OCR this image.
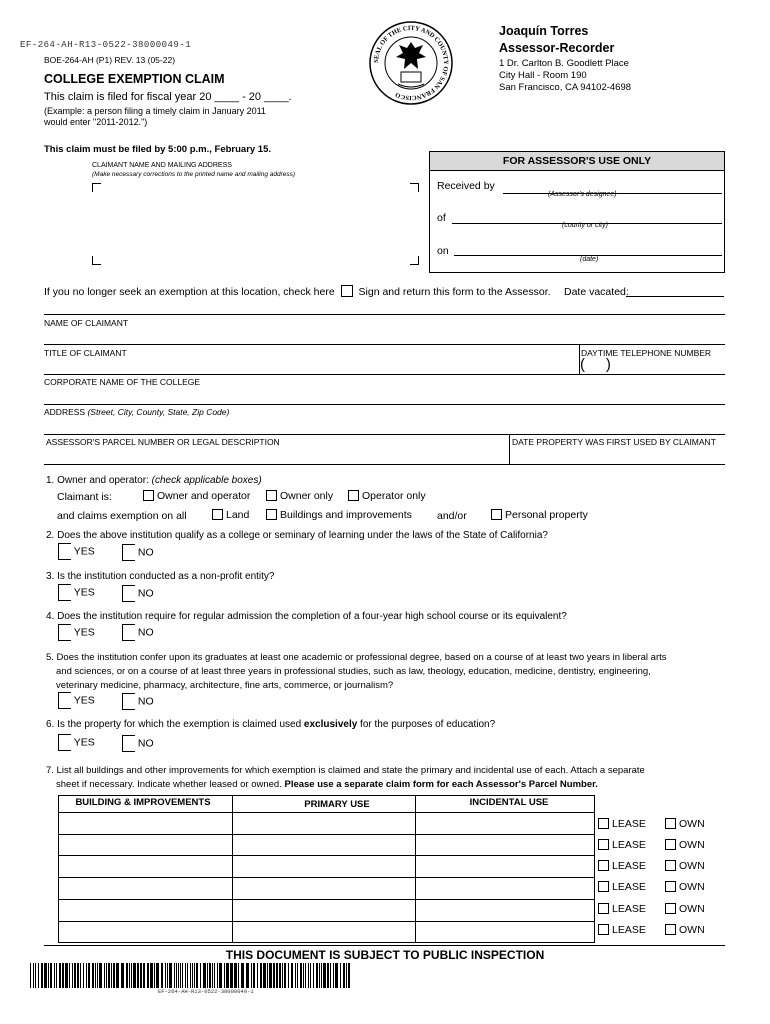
EF-264-AH-R13-0522-38000049-1
BOE-264-AH (P1) REV. 13 (05-22)
COLLEGE EXEMPTION CLAIM
This claim is filed for fiscal year 20 ____ - 20 ____.
(Example: a person filing a timely claim in January 2011
would enter "2011-2012.")
This claim must be filed by 5:00 p.m., February 15.
SEAL OF THE CITY AND COUNTY OF SAN FRANCISCO
Joaquín Torres
Assessor-Recorder
1 Dr. Carlton B. Goodlett Place
City Hall - Room 190
San Francisco, CA 94102-4698
CLAIMANT NAME AND MAILING ADDRESS
(Make necessary corrections to the printed name and mailing address)
FOR ASSESSOR'S USE ONLY
Received by
(Assessor's designee)
of
(county or city)
on
(date)
If you no longer seek an exemption at this location, check here Sign and return this form to the Assessor. Date vacated:
NAME OF CLAIMANT
TITLE OF CLAIMANT	DAYTIME TELEPHONE NUMBER
(     )
CORPORATE NAME OF THE COLLEGE
ADDRESS (Street, City, County, State, Zip Code)
ASSESSOR'S PARCEL NUMBER OR LEGAL DESCRIPTION	DATE PROPERTY WAS FIRST USED BY CLAIMANT
1. Owner and operator: (check applicable boxes)
Claimant is:	Owner and operator	Owner only	Operator only
and claims exemption on all	Land	Buildings and improvements and/or	Personal property
2. Does the above institution qualify as a college or seminary of learning under the laws of the State of California?
YES	NO
3. Is the institution conducted as a non-profit entity?
YES	NO
4. Does the institution require for regular admission the completion of a four-year high school course or its equivalent?
YES	NO
5. Does the institution confer upon its graduates at least one academic or professional degree, based on a course of at least two years in liberal arts
and sciences, or on a course of at least three years in professional studies, such as law, theology, education, medicine, dentistry, engineering,
veterinary medicine, pharmacy, architecture, fine arts, commerce, or journalism?
YES	NO
6. Is the property for which the exemption is claimed used exclusively for the purposes of education?
YES	NO
7. List all buildings and other improvements for which exemption is claimed and state the primary and incidental use of each. Attach a separate
sheet if necessary. Indicate whether leased or owned. Please use a separate claim form for each Assessor's Parcel Number.
BUILDING & IMPROVEMENTS	PRIMARY USE	INCIDENTAL USE
LEASE	OWN
LEASE	OWN
LEASE	OWN
LEASE	OWN
LEASE	OWN
LEASE	OWN
THIS DOCUMENT IS SUBJECT TO PUBLIC INSPECTION
EF-264-AH-R13-0522-38000049-1
